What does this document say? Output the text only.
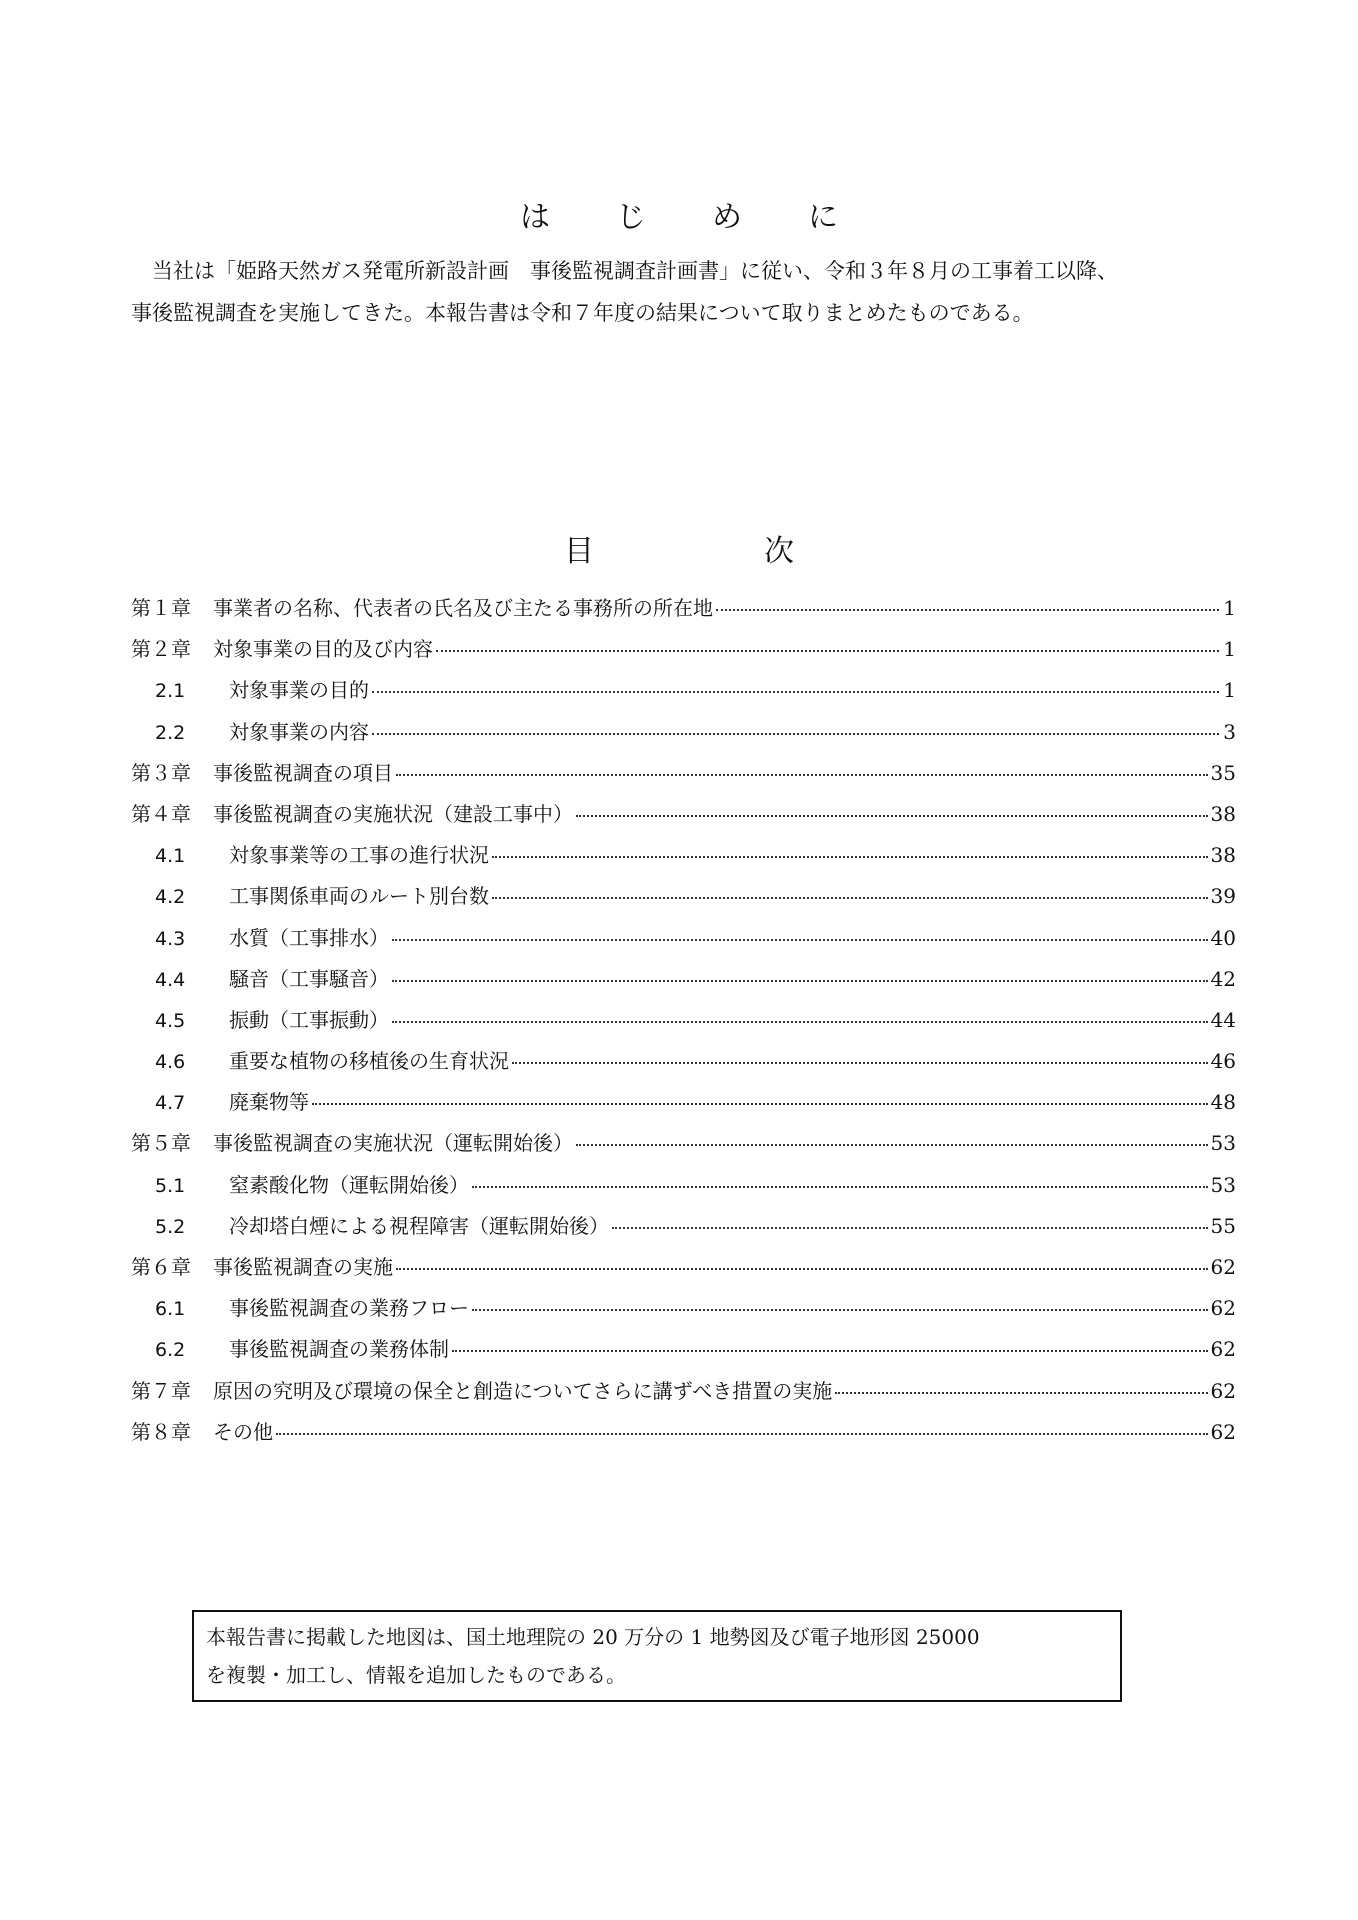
は　じ　め　に

当社は「姫路天然ガス発電所新設計画　事後監視調査計画書」に従い、令和３年８月の工事着工以降、

事後監視調査を実施してきた。本報告書は令和７年度の結果について取りまとめたものである。

目	次
第１章 事業者の名称、代表者の氏名及び主たる事務所の所在地	1
第２章 対象事業の目的及び内容	1
2.1 対象事業の目的	1
2.2 対象事業の内容	3
第３章 事後監視調査の項目	35
第４章 事後監視調査の実施状況（建設工事中）	38
4.1 対象事業等の工事の進行状況	38
4.2 工事関係車両のルート別台数	39
4.3 水質（工事排水）	40
4.4 騒音（工事騒音）	42
4.5 振動（工事振動）	44
4.6 重要な植物の移植後の生育状況	46
4.7 廃棄物等	48
第５章 事後監視調査の実施状況（運転開始後）	53
5.1 窒素酸化物（運転開始後）	53
5.2 冷却塔白煙による視程障害（運転開始後）	55
第６章 事後監視調査の実施	62
6.1 事後監視調査の業務フロー	62
6.2 事後監視調査の業務体制	62
第７章 原因の究明及び環境の保全と創造についてさらに講ずべき措置の実施	62
第８章 その他	62

本報告書に掲載した地図は、国土地理院の 20 万分の 1 地勢図及び電子地形図 25000

を複製・加工し、情報を追加したものである。
